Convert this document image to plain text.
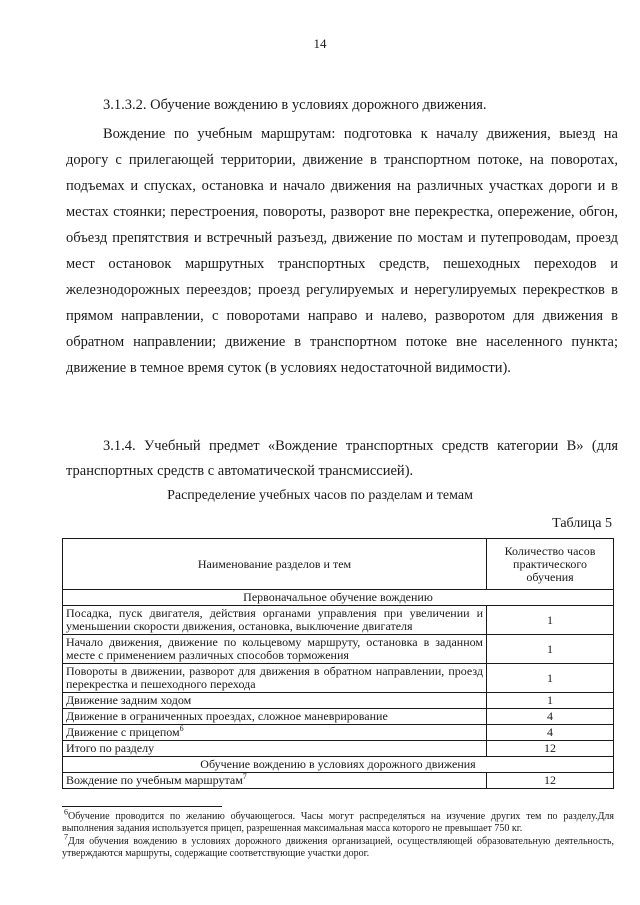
14
3.1.3.2. Обучение вождению в условиях дорожного движения.

Вождение по учебным маршрутам: подготовка к началу движения, выезд на дорогу с прилегающей территории, движение в транспортном потоке, на поворотах, подъемах и спусках, остановка и начало движения на различных участках дороги и в местах стоянки; перестроения, повороты, разворот вне перекрестка, опережение, обгон, объезд препятствия и встречный разъезд, движение по мостам и путепроводам, проезд мест остановок маршрутных транспортных средств, пешеходных переходов и железнодорожных переездов; проезд регулируемых и нерегулируемых перекрестков в прямом направлении, с поворотами направо и налево, разворотом для движения в обратном направлении; движение в транспортном потоке вне населенного пункта; движение в темное время суток (в условиях недостаточной видимости).

3.1.4. Учебный предмет «Вождение транспортных средств категории B» (для транспортных средств с автоматической трансмиссией).

Распределение учебных часов по разделам и темам
Таблица 5
Наименование разделов и тем	Количество часов практического обучения
Первоначальное обучение вождению	
Посадка, пуск двигателя, действия органами управления при увеличении и уменьшении скорости движения, остановка, выключение двигателя	1
Начало движения, движение по кольцевому маршруту, остановка в заданном месте с применением различных способов торможения	1
Повороты в движении, разворот для движения в обратном направлении, проезд перекрестка и пешеходного перехода	1
Движение задним ходом	1
Движение в ограниченных проездах, сложное маневрирование	4
Движение с прицепом$^6$	4
Итого по разделу	12
Обучение вождению в условиях дорожного движения	
Вождение по учебным маршрутам$^7$	12

$^6$Обучение проводится по желанию обучающегося. Часы могут распределяться на изучение других тем по разделу.Для выполнения задания используется прицеп, разрешенная максимальная масса которого не превышает 750 кг.

$^7$Для обучения вождению в условиях дорожного движения организацией, осуществляющей образовательную деятельность, утверждаются маршруты, содержащие соответствующие участки дорог.
